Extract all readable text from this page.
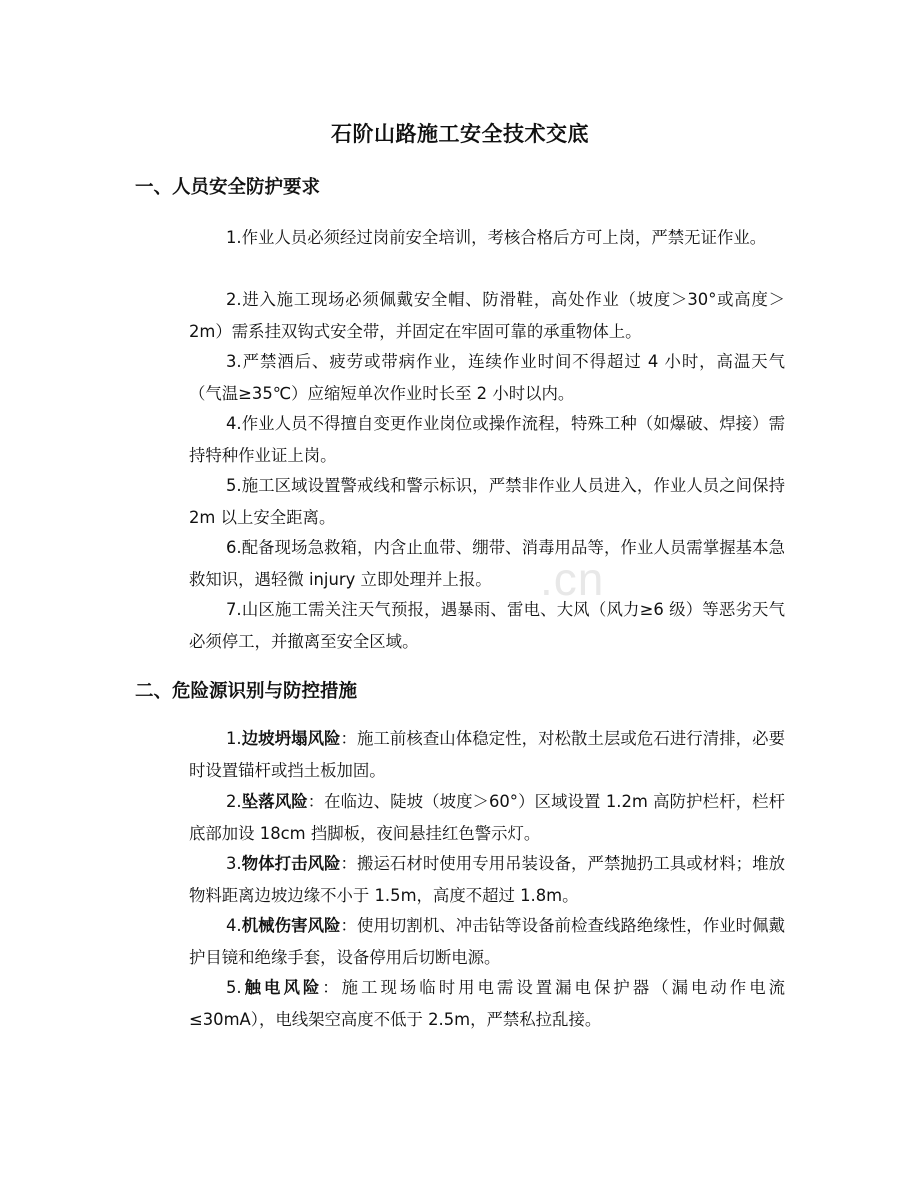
.cn
石阶山路施工安全技术交底
一、人员安全防护要求

1.作业人员必须经过岗前安全培训，考核合格后方可上岗，严禁无证作业。

2.进入施工现场必须佩戴安全帽、防滑鞋，高处作业（坡度＞30°或高度＞2m）需系挂双钩式安全带，并固定在牢固可靠的承重物体上。

3.严禁酒后、疲劳或带病作业，连续作业时间不得超过 4 小时，高温天气（气温≥35℃）应缩短单次作业时长至 2 小时以内。

4.作业人员不得擅自变更作业岗位或操作流程，特殊工种（如爆破、焊接）需持特种作业证上岗。

5.施工区域设置警戒线和警示标识，严禁非作业人员进入，作业人员之间保持 2m 以上安全距离。

6.配备现场急救箱，内含止血带、绷带、消毒用品等，作业人员需掌握基本急救知识，遇轻微 injury 立即处理并上报。

7.山区施工需关注天气预报，遇暴雨、雷电、大风（风力≥6 级）等恶劣天气必须停工，并撤离至安全区域。

二、危险源识别与防控措施

1.边坡坍塌风险：施工前核查山体稳定性，对松散土层或危石进行清排，必要时设置锚杆或挡土板加固。

2.坠落风险：在临边、陡坡（坡度＞60°）区域设置 1.2m 高防护栏杆，栏杆底部加设 18cm 挡脚板，夜间悬挂红色警示灯。

3.物体打击风险：搬运石材时使用专用吊装设备，严禁抛扔工具或材料；堆放物料距离边坡边缘不小于 1.5m，高度不超过 1.8m。

4.机械伤害风险：使用切割机、冲击钻等设备前检查线路绝缘性，作业时佩戴护目镜和绝缘手套，设备停用后切断电源。

5.触电风险：施工现场临时用电需设置漏电保护器（漏电动作电流≤30mA），电线架空高度不低于 2.5m，严禁私拉乱接。
